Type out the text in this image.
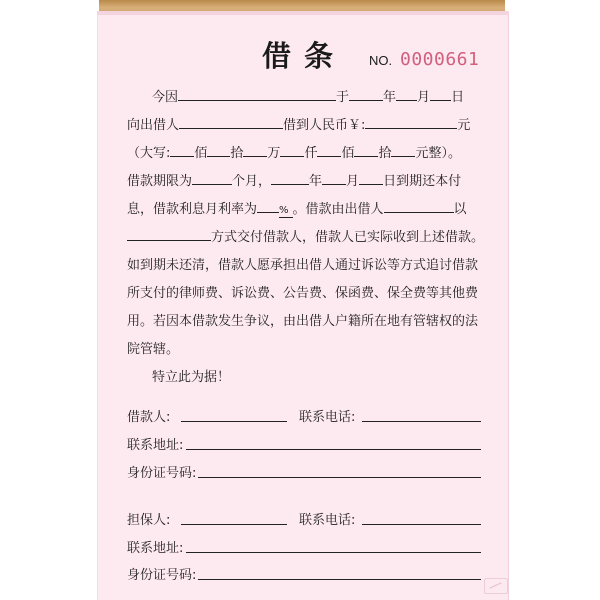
借条 NO. 0000661
今因	于	年 月 日
向出借人	借到人民币￥:	元
（大写: 佰 拾 万 仟 佰 拾 元整）。
借款期限为	个月，	年 月 日到期还本付
息，借款利息月利率为 % 。借款由出借人	以
方式交付借款人，借款人已实际收到上述借款。
如到期未还清，借款人愿承担出借人通过诉讼等方式追讨借款
所支付的律师费、诉讼费、公告费、保函费、保全费等其他费
用。若因本借款发生争议，由出借人户籍所在地有管辖权的法
院管辖。
特立此为据！
借款人:	联系电话:
联系地址:
身份证号码:
担保人:	联系电话:
联系地址:
身份证号码:
